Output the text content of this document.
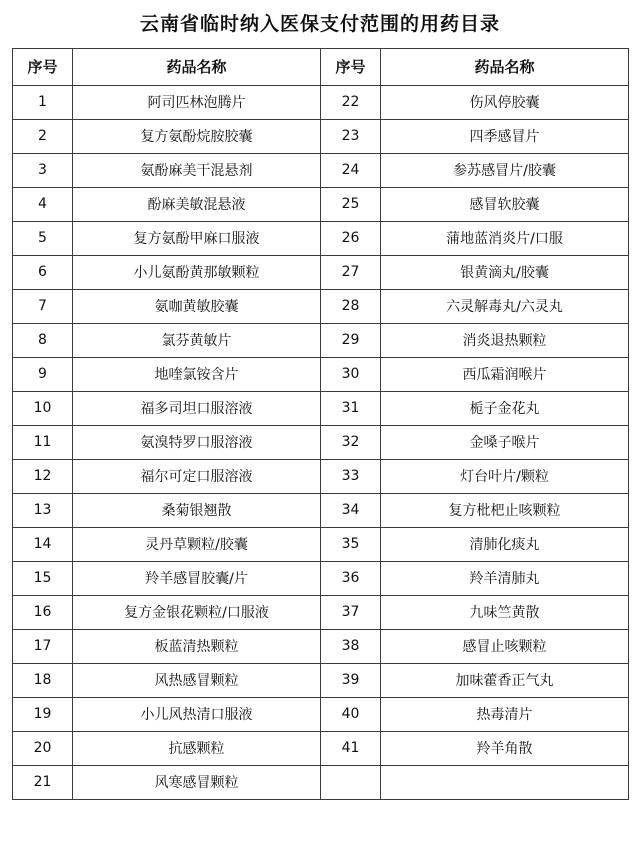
云南省临时纳入医保支付范围的用药目录
序号	药品名称	序号	药品名称
1	阿司匹林泡腾片	22	伤风停胶囊
2	复方氨酚烷胺胶囊	23	四季感冒片
3	氨酚麻美干混悬剂	24	参苏感冒片/胶囊
4	酚麻美敏混悬液	25	感冒软胶囊
5	复方氨酚甲麻口服液	26	蒲地蓝消炎片/口服
6	小儿氨酚黄那敏颗粒	27	银黄滴丸/胶囊
7	氨咖黄敏胶囊	28	六灵解毒丸/六灵丸
8	氯芬黄敏片	29	消炎退热颗粒
9	地喹氯铵含片	30	西瓜霜润喉片
10	福多司坦口服溶液	31	栀子金花丸
11	氨溴特罗口服溶液	32	金嗓子喉片
12	福尔可定口服溶液	33	灯台叶片/颗粒
13	桑菊银翘散	34	复方枇杷止咳颗粒
14	灵丹草颗粒/胶囊	35	清肺化痰丸
15	羚羊感冒胶囊/片	36	羚羊清肺丸
16	复方金银花颗粒/口服液	37	九味竺黄散
17	板蓝清热颗粒	38	感冒止咳颗粒
18	风热感冒颗粒	39	加味藿香正气丸
19	小儿风热清口服液	40	热毒清片
20	抗感颗粒	41	羚羊角散
21	风寒感冒颗粒		
